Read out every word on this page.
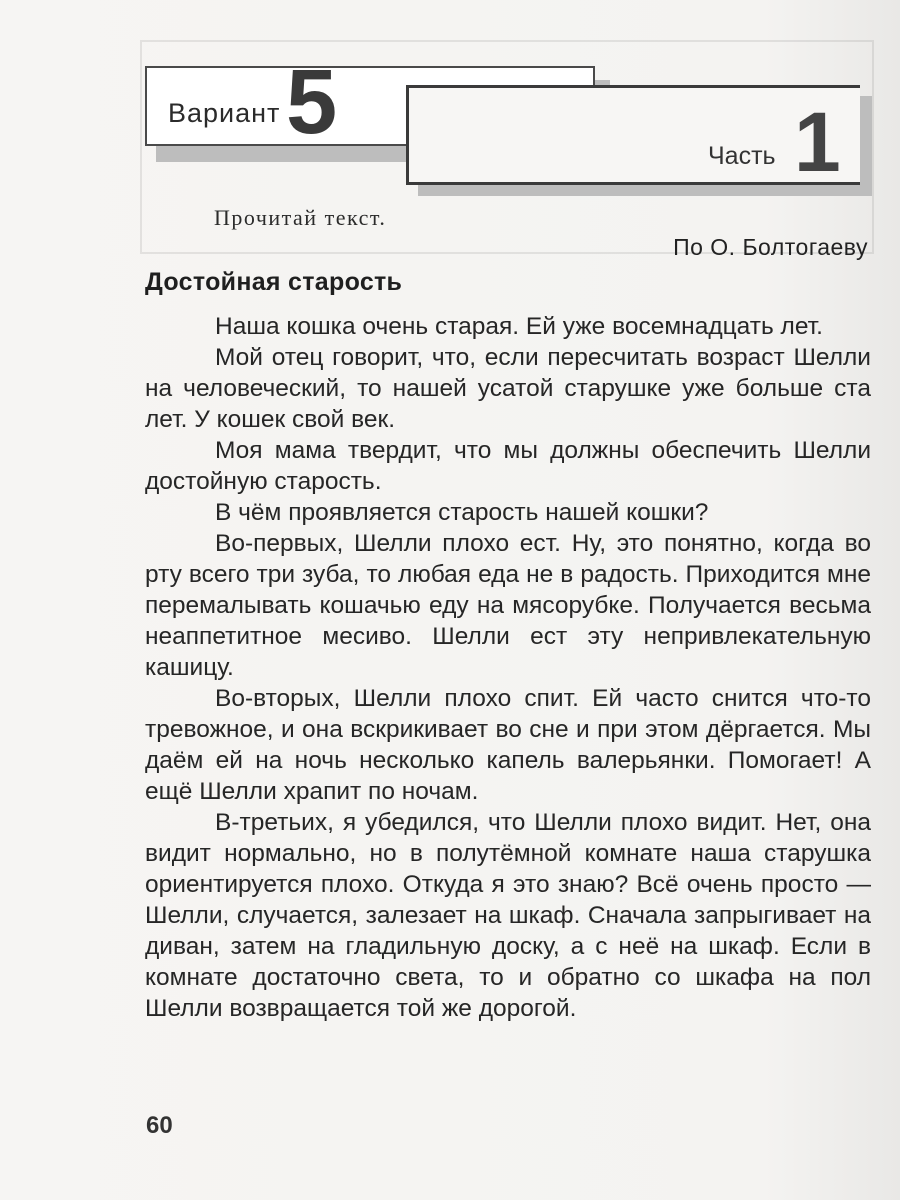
Вариант 5
Часть 1
Прочитай текст.
По О. Болтогаеву
Достойная старость

Наша кошка очень старая. Ей уже восемнадцать лет.

Мой отец говорит, что, если пересчитать возраст Шелли на человеческий, то нашей усатой старушке уже больше ста лет. У кошек свой век.

Моя мама твердит, что мы должны обеспечить Шелли достойную старость.

В чём проявляется старость нашей кошки?

Во-первых, Шелли плохо ест. Ну, это понятно, когда во рту всего три зуба, то любая еда не в радость. Приходится мне перемалывать кошачью еду на мясорубке. Получается весьма неаппетитное месиво. Шелли ест эту непривлекательную кашицу.

Во-вторых, Шелли плохо спит. Ей часто снится что-то тревожное, и она вскрикивает во сне и при этом дёргается. Мы даём ей на ночь несколько капель валерьянки. Помогает! А ещё Шелли храпит по ночам.

В-третьих, я убедился, что Шелли плохо видит. Нет, она видит нормально, но в полутёмной комнате наша старушка ориентируется плохо. Откуда я это знаю? Всё очень просто — Шелли, случается, залезает на шкаф. Сначала запрыгивает на диван, затем на гладильную доску, а с неё на шкаф. Если в комнате достаточно света, то и обратно со шкафа на пол Шелли возвращается той же дорогой.

60
